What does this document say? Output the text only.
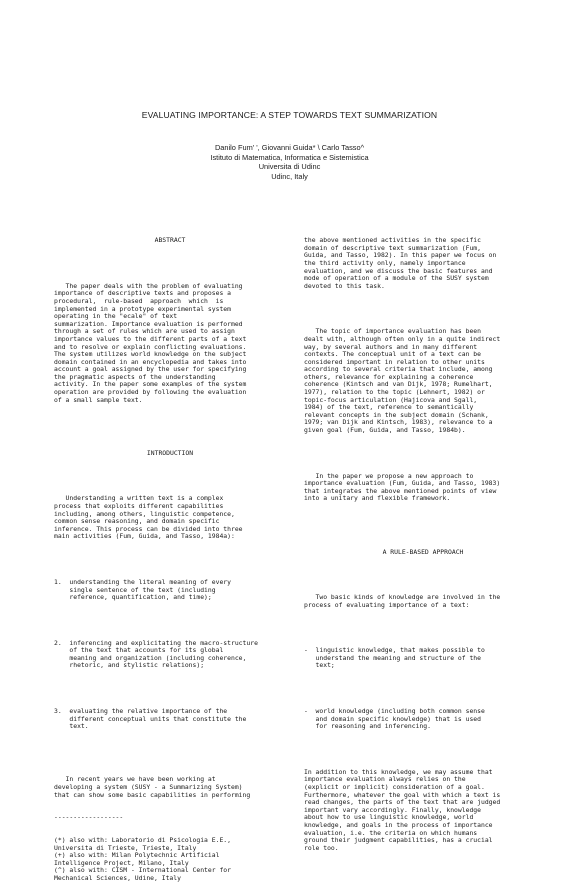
EVALUATING IMPORTANCE: A STEP TOWARDS TEXT SUMMARIZATION
Danilo Fum' ', Giovanni Guida* \ Carlo Tasso^
Istituto di Matematica, Informatica e Sistemistica
Universita di Udinc
Udinc, Italy

ABSTRACT

The paper deals with the problem of evaluating
importance of descriptive texts and proposes a
procedural,  rule-based  approach  which  is
implemented in a prototype experimental system
operating in the "ecale" of text
summarization. Importance evaluation is performed
through a set of rules which are used to assign
importance values to the different parts of a text
and to resolve or explain conflicting evaluations.
The system utilizes world knowledge on the subject
domain contained in an encyclopedia and takes into
account a goal assigned by the user for specifying
the pragmatic aspects of the understanding
activity. In the paper some examples of the system
operation are provided by following the evaluation
of a small sample text.

INTRODUCTION

Understanding a written text is a complex
process that exploits different capabilities
including, among others, linguistic competence,
common sense reasoning, and domain specific
inference. This process can be divided into three
main activities (Fum, Guida, and Tasso, 1984a):

1.  understanding the literal meaning of every
single sentence of the text (including
reference, quantification, and time);

2.  inferencing and explicitating the macro-structure
of the text that accounts for its global
meaning and organization (including coherence,
rhetoric, and stylistic relations);

3.  evaluating the relative importance of the
different conceptual units that constitute the
text.

In recent years we have been working at
developing a system (SUSY - a Summarizing System)
that can show some basic capabilities in performing

------------------

(*) also with: Laboratorio di Psicologia E.E.,
Universita di Trieste, Trieste, Italy
(+) also with: Milan Polytechnic Artificial
Intelligence Project, Milano, Italy
(^) also with: CISM - International Center for
Mechanical Sciences, Udine, Italy

the above mentioned activities in the specific
domain of descriptive text summarization (Fum,
Guida, and Tasso, 1982). In this paper we focus on
the third activity only, namely importance
evaluation, and we discuss the basic features and
mode of operation of a module of the SUSY system
devoted to this task.

The topic of importance evaluation has been
dealt with, although often only in a quite indirect
way, by several authors and in many different
contexts. The conceptual unit of a text can be
considered important in relation to other units
according to several criteria that include, among
others, relevance for explaining a coherence
coherence (Kintsch and van Dijk, 1978; Rumelhart,
1977), relation to the topic (Lehnert, 1982) or
topic-focus articulation (Hajicova and Sgall,
1984) of the text, reference to semantically
relevant concepts in the subject domain (Schank,
1979; van Dijk and Kintsch, 1983), relevance to a
given goal (Fum, Guida, and Tasso, 1984b).

In the paper we propose a new approach to
importance evaluation (Fum, Guida, and Tasso, 1983)
that integrates the above mentioned points of view
into a unitary and flexible framework.

A RULE-BASED APPROACH

Two basic kinds of knowledge are involved in the
process of evaluating importance of a text:

-  linguistic knowledge, that makes possible to
understand the meaning and structure of the
text;

-  world knowledge (including both common sense
and domain specific knowledge) that is used
for reasoning and inferencing.

In addition to this knowledge, we may assume that
importance evaluation always relies on the
(explicit or implicit) consideration of a goal.
Furthermore, whatever the goal with which a text is
read changes, the parts of the text that are judged
important vary accordingly. Finally, knowledge
about how to use linguistic knowledge, world
knowledge, and goals in the process of importance
evaluation, i.e. the criteria on which humans
ground their judgment capabilities, has a crucial
role too.
